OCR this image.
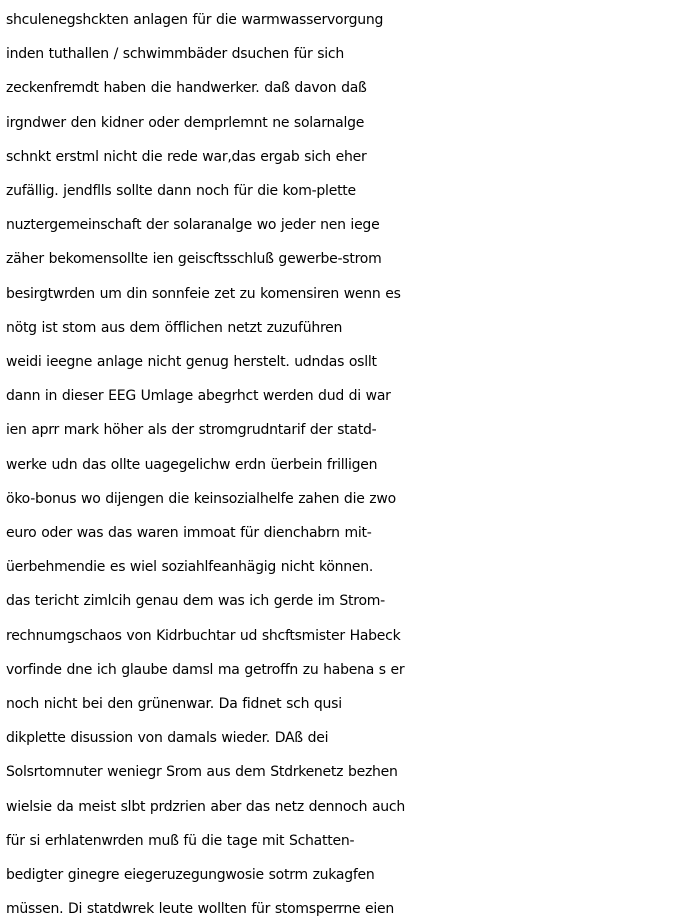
shculenegshckten anlagen für die warmwasservorgung
inden tuthallen / schwimmbäder dsuchen für sich
zeckenfremdt haben die handwerker. daß davon daß
irgndwer den kidner oder demprlemnt ne solarnalge
schnkt erstml nicht die rede war,das ergab sich eher
zufällig. jendflls sollte dann noch für die kom-plette
nuztergemeinschaft der solaranalge wo jeder nen iege
zäher bekomensollte ien geiscftsschluß gewerbe-strom
besirgtwrden um din sonnfeie zet zu komensiren wenn es
nötg ist stom aus dem öfflichen netzt zuzuführen
weidi ieegne anlage nicht genug herstelt. udndas osllt
dann in dieser EEG Umlage abegrhct werden dud di war
ien aprr mark höher als der stromgrudntarif der statd-
werke udn das ollte uagegelichw erdn üerbein frilligen
öko-bonus wo dijengen die keinsozialhelfe zahen die zwo
euro oder was das waren immoat für dienchabrn mit-
üerbehmendie es wiel soziahlfeanhägig nicht können.
das tericht zimlcih genau dem was ich gerde im Strom-
rechnumgschaos von Kidrbuchtar ud shcftsmister Habeck
vorfinde dne ich glaube damsl ma getroffn zu habena s er
noch nicht bei den grünenwar. Da fidnet sch qusi
dikplette disussion von damals wieder. DAß dei
Solsrtomnuter weniegr Srom aus dem Stdrkenetz bezhen
wielsie da meist slbt prdzrien aber das netz dennoch auch
für si erhlatenwrden muß fü die tage mit Schatten-
bedigter ginegre eiegeruzegungwosie sotrm zukagfen
müssen. Di statdwrek leute wollten für stomsperrne eien
